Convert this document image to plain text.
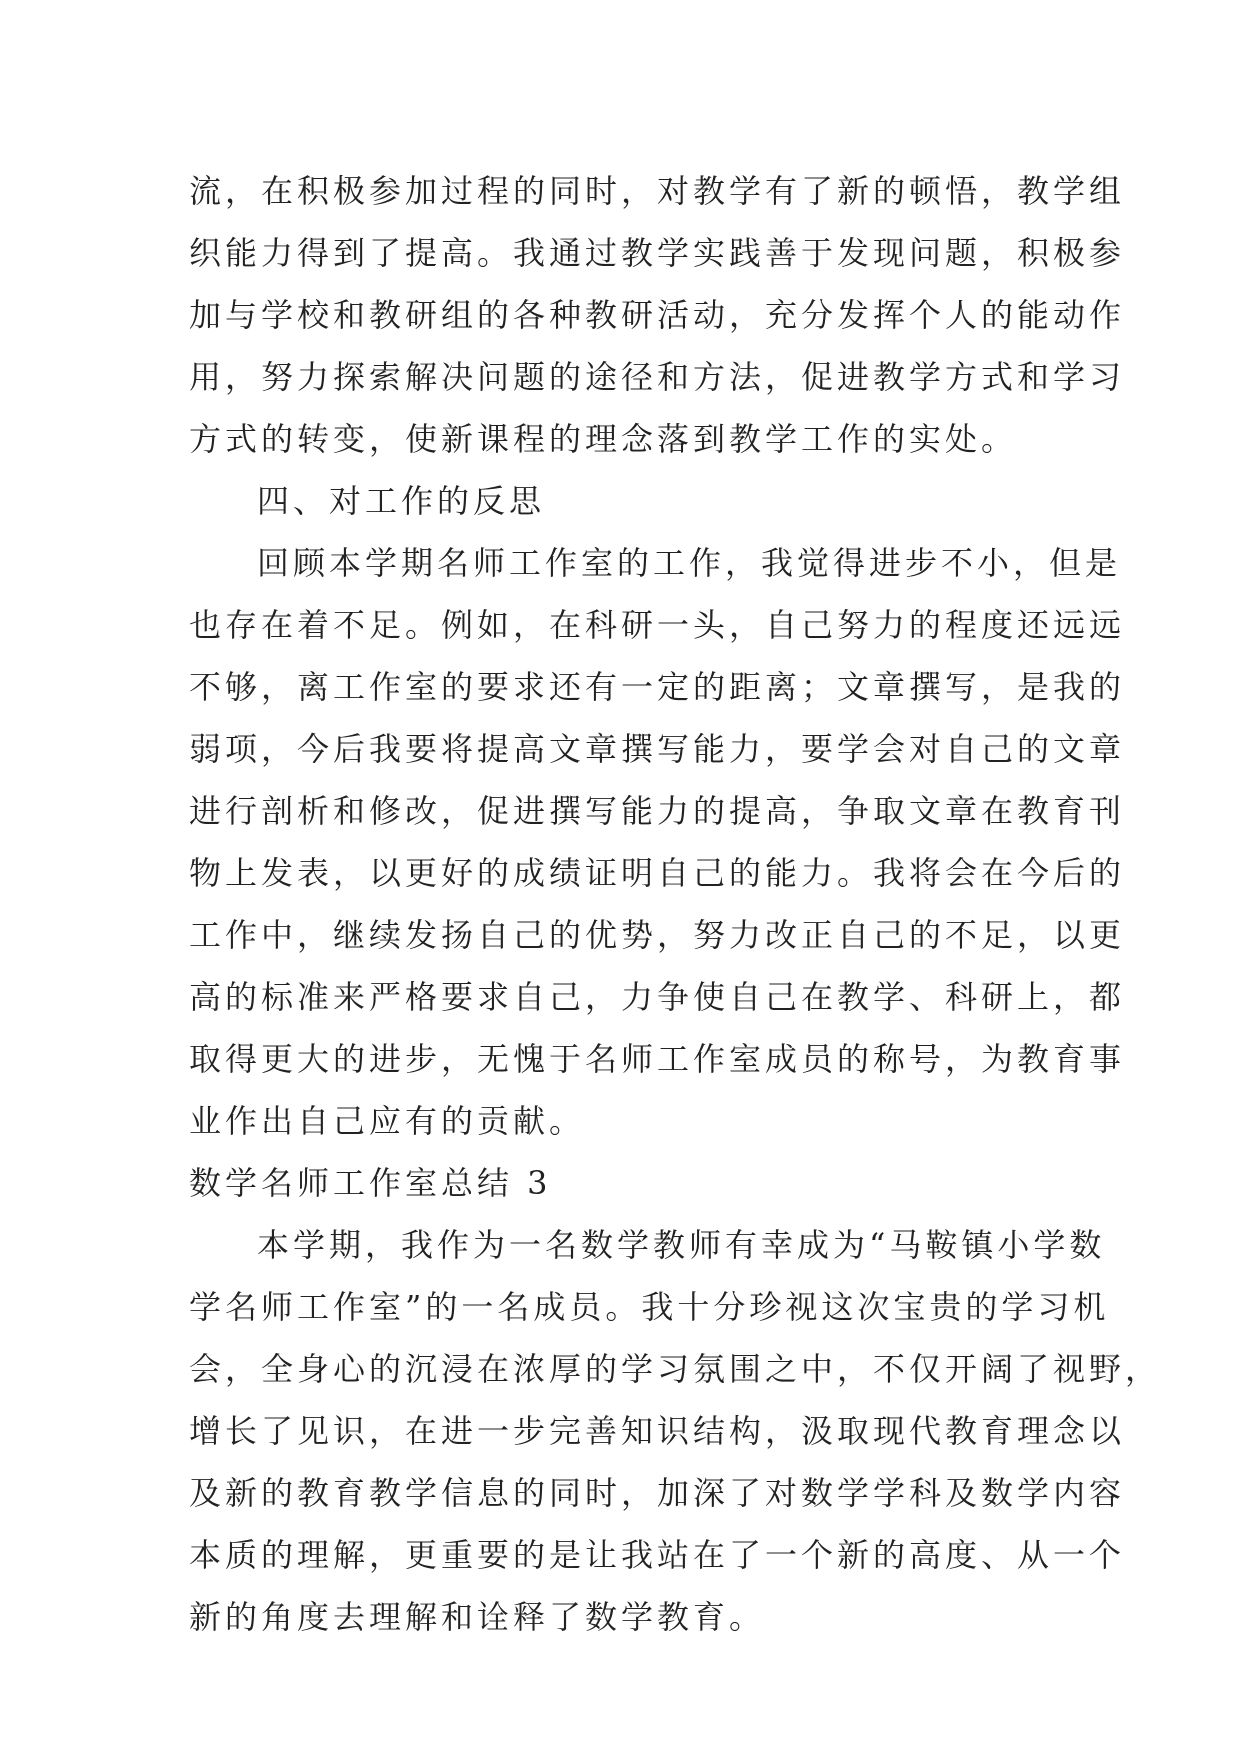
流，在积极参加过程的同时，对教学有了新的顿悟，教学组
织能力得到了提高。我通过教学实践善于发现问题，积极参
加与学校和教研组的各种教研活动，充分发挥个人的能动作
用，努力探索解决问题的途径和方法，促进教学方式和学习
方式的转变，使新课程的理念落到教学工作的实处。
四、对工作的反思
回顾本学期名师工作室的工作，我觉得进步不小，但是
也存在着不足。例如，在科研一头，自己努力的程度还远远
不够，离工作室的要求还有一定的距离；文章撰写，是我的
弱项，今后我要将提高文章撰写能力，要学会对自己的文章
进行剖析和修改，促进撰写能力的提高，争取文章在教育刊
物上发表，以更好的成绩证明自己的能力。我将会在今后的
工作中，继续发扬自己的优势，努力改正自己的不足，以更
高的标准来严格要求自己，力争使自己在教学、科研上，都
取得更大的进步，无愧于名师工作室成员的称号，为教育事
业作出自己应有的贡献。
数学名师工作室总结 3
本学期，我作为一名数学教师有幸成为“马鞍镇小学数
学名师工作室”的一名成员。我十分珍视这次宝贵的学习机
会，全身心的沉浸在浓厚的学习氛围之中，不仅开阔了视野，
增长了见识，在进一步完善知识结构，汲取现代教育理念以
及新的教育教学信息的同时，加深了对数学学科及数学内容
本质的理解，更重要的是让我站在了一个新的高度、从一个
新的角度去理解和诠释了数学教育。
